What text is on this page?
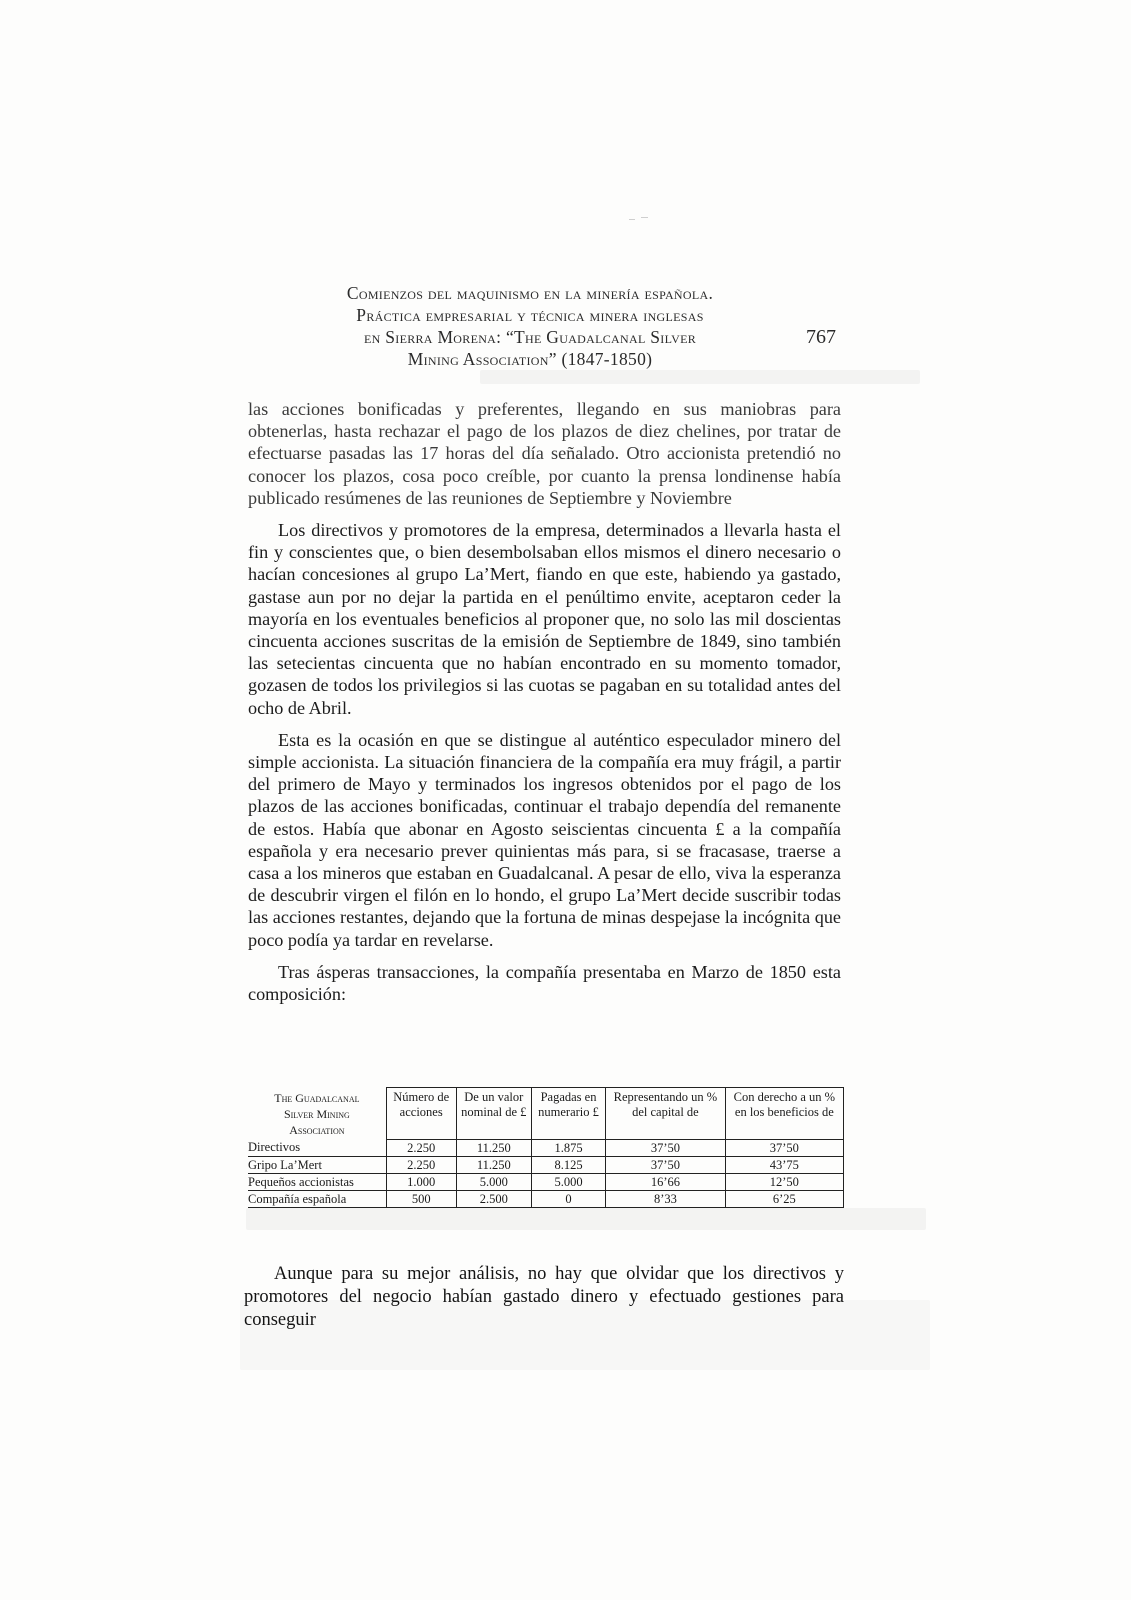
Comienzos del maquinismo en la minería española.
Práctica empresarial y técnica minera inglesas
en Sierra Morena: “The Guadalcanal Silver
Mining Association” (1847-1850)
767

las acciones bonificadas y preferentes, llegando en sus maniobras para obtenerlas, hasta rechazar el pago de los plazos de diez chelines, por tratar de efectuarse pasadas las 17 horas del día señalado. Otro accionista pretendió no conocer los plazos, cosa poco creíble, por cuanto la prensa londinense había publicado resúmenes de las reuniones de Septiembre y Noviembre

Los directivos y promotores de la empresa, determinados a llevarla hasta el fin y conscientes que, o bien desembolsaban ellos mismos el dinero necesario o hacían concesiones al grupo La’Mert, fiando en que este, habiendo ya gastado, gastase aun por no dejar la partida en el penúltimo envite, aceptaron ceder la mayoría en los eventuales beneficios al proponer que, no solo las mil doscientas cincuenta acciones suscritas de la emisión de Septiembre de 1849, sino también las setecientas cincuenta que no habían encontrado en su momento tomador, gozasen de todos los privilegios si las cuotas se pagaban en su totalidad antes del ocho de Abril.

Esta es la ocasión en que se distingue al auténtico especulador minero del simple accionista. La situación financiera de la compañía era muy frágil, a partir del primero de Mayo y terminados los ingresos obtenidos por el pago de los plazos de las acciones bonificadas, continuar el trabajo dependía del remanente de estos. Había que abonar en Agosto seiscientas cincuenta £ a la compañía española y era necesario prever quinientas más para, si se fracasase, traerse a casa a los mineros que estaban en Guadalcanal. A pesar de ello, viva la esperanza de descubrir virgen el filón en lo hondo, el grupo La’Mert decide suscribir todas las acciones restantes, dejando que la fortuna de minas despejase la incógnita que poco podía ya tardar en revelarse.

Tras ásperas transacciones, la compañía presentaba en Marzo de 1850 esta composición:

The Guadalcanal
Silver Mining
Association	Número de acciones	De un valor nominal de £	Pagadas en numerario £	Representando un % del capital de	Con derecho a un % en los beneficios de
Directivos	2.250	11.250	1.875	37’50	37’50
Gripo La’Mert	2.250	11.250	8.125	37’50	43’75
Pequeños accionistas	1.000	5.000	5.000	16’66	12’50
Compañía española	500	2.500	0	8’33	6’25
Aunque para su mejor análisis, no hay que olvidar que los directivos y promotores del negocio habían gastado dinero y efectuado gestiones para conseguir
